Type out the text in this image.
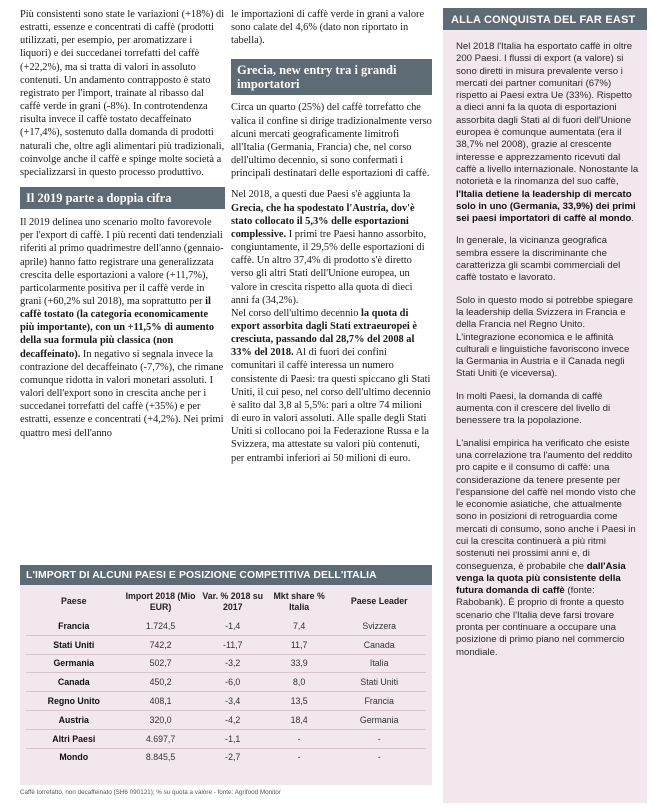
Più consistenti sono state le variazioni (+18%) di estratti, essenze e concentrati di caffè (prodotti utilizzati, per esempio, per aromatizzare i liquori) e dei succedanei torrefatti del caffè (+22,2%), ma si tratta di valori in assoluto contenuti. Un andamento contrapposto è stato registrato per l'import, trainate al ribasso dal caffè verde in grani (-8%). In controtendenza risulta invece il caffè tostato decaffeinato (+17,4%), sostenuto dalla domanda di prodotti naturali che, oltre agli alimentari più tradizionali, coinvolge anche il caffè e spinge molte società a specializzarsi in questo processo produttivo.

Il 2019 parte a doppia cifra

Il 2019 delinea uno scenario molto favorevole per l'export di caffè. I più recenti dati tendenziali riferiti al primo quadrimestre dell'anno (gennaio-aprile) hanno fatto registrare una generalizzata crescita delle esportazioni a valore (+11,7%), particolarmente positiva per il caffè verde in grani (+60,2% sul 2018), ma soprattutto per il caffè tostato (la categoria economicamente più importante), con un +11,5% di aumento della sua formula più classica (non decaffeinato). In negativo si segnala invece la contrazione del decaffeinato (-7,7%), che rimane comunque ridotta in valori monetari assoluti. I valori dell'export sono in crescita anche per i succedanei torrefatti del caffè (+35%) e per estratti, essenze e concentrati (+4,2%). Nei primi quattro mesi dell'anno

le importazioni di caffè verde in grani a valore sono calate del 4,6% (dato non riportato in tabella).

Grecia, new entry tra i grandi importatori

Circa un quarto (25%) del caffè torrefatto che valica il confine si dirige tradizionalmente verso alcuni mercati geograficamente limitrofi all'Italia (Germania, Francia) che, nel corso dell'ultimo decennio, si sono confermati i principali destinatari delle esportazioni di caffè.

Nel 2018, a questi due Paesi s'è aggiunta la Grecia, che ha spodestato l'Austria, dov'è stato collocato il 5,3% delle esportazioni complessive. I primi tre Paesi hanno assorbito, congiuntamente, il 29,5% delle esportazioni di caffè. Un altro 37,4% di prodotto s'è diretto verso gli altri Stati dell'Unione europea, un valore in crescita rispetto alla quota di dieci anni fa (34,2%).

Nel corso dell'ultimo decennio la quota di export assorbita dagli Stati extraeuropei è cresciuta, passando dal 28,7% del 2008 al 33% del 2018. Al di fuori dei confini comunitari il caffè interessa un numero consistente di Paesi: tra questi spiccano gli Stati Uniti, il cui peso, nel corso dell'ultimo decennio è salito dal 3,8 al 5,5%: pari a oltre 74 milioni di euro in valori assoluti. Alle spalle degli Stati Uniti si collocano poi la Federazione Russa e la Svizzera, ma attestate su valori più contenuti, per entrambi inferiori ai 50 milioni di euro.

ALLA CONQUISTA DEL FAR EAST

Nel 2018 l'Italia ha esportato caffè in oltre 200 Paesi. I flussi di export (a valore) si sono diretti in misura prevalente verso i mercati dei partner comunitari (67%) rispetto ai Paesi extra Ue (33%). Rispetto a dieci anni fa la quota di esportazioni assorbita dagli Stati al di fuori dell'Unione europea è comunque aumentata (era il 38,7% nel 2008), grazie al crescente interesse e apprezzamento ricevuti dal caffè a livello internazionale. Nonostante la notorietà e la rinomanza del suo caffè, l'Italia detiene la leadership di mercato solo in uno (Germania, 33,9%) dei primi sei paesi importatori di caffè al mondo.

In generale, la vicinanza geografica sembra essere la discriminante che caratterizza gli scambi commerciali del caffè tostato e lavorato.

Solo in questo modo si potrebbe spiegare la leadership della Svizzera in Francia e della Francia nel Regno Unito. L'integrazione economica e le affinità culturali e linguistiche favoriscono invece la Germania in Austria e il Canada negli Stati Uniti (e viceversa).

In molti Paesi, la domanda di caffè aumenta con il crescere del livello di benessere tra la popolazione.

L'analisi empirica ha verificato che esiste una correlazione tra l'aumento del reddito pro capite e il consumo di caffè: una considerazione da tenere presente per l'espansione del caffè nel mondo visto che le economie asiatiche, che attualmente sono in posizioni di retroguardia come mercati di consumo, sono anche i Paesi in cui la crescita continuerà a più ritmi sostenuti nei prossimi anni e, di conseguenza, è probabile che dall'Asia venga la quota più consistente della futura domanda di caffè (fonte: Rabobank). È proprio di fronte a questo scenario che l'Italia deve farsi trovare pronta per continuare a occupare una posizione di primo piano nel commercio mondiale.

L'IMPORT DI ALCUNI PAESI E POSIZIONE COMPETITIVA DELL'ITALIA
Paese	Import 2018 (Mio EUR)	Var. % 2018 su 2017	Mkt share % Italia	Paese Leader
Francia	1.724,5	-1,4	7,4	Svizzera
Stati Uniti	742,2	-11,7	11,7	Canada
Germania	502,7	-3,2	33,9	Italia
Canada	450,2	-6,0	8,0	Stati Uniti
Regno Unito	408,1	-3,4	13,5	Francia
Austria	320,0	-4,2	18,4	Germania
Altri Paesi	4.697,7	-1,1	-	-
Mondo	8.845,5	-2,7	-	-
Caffè torrefatto, non decaffeinato (SH6 090121); % su quota a valore - fonte: Agrifood Monitor
